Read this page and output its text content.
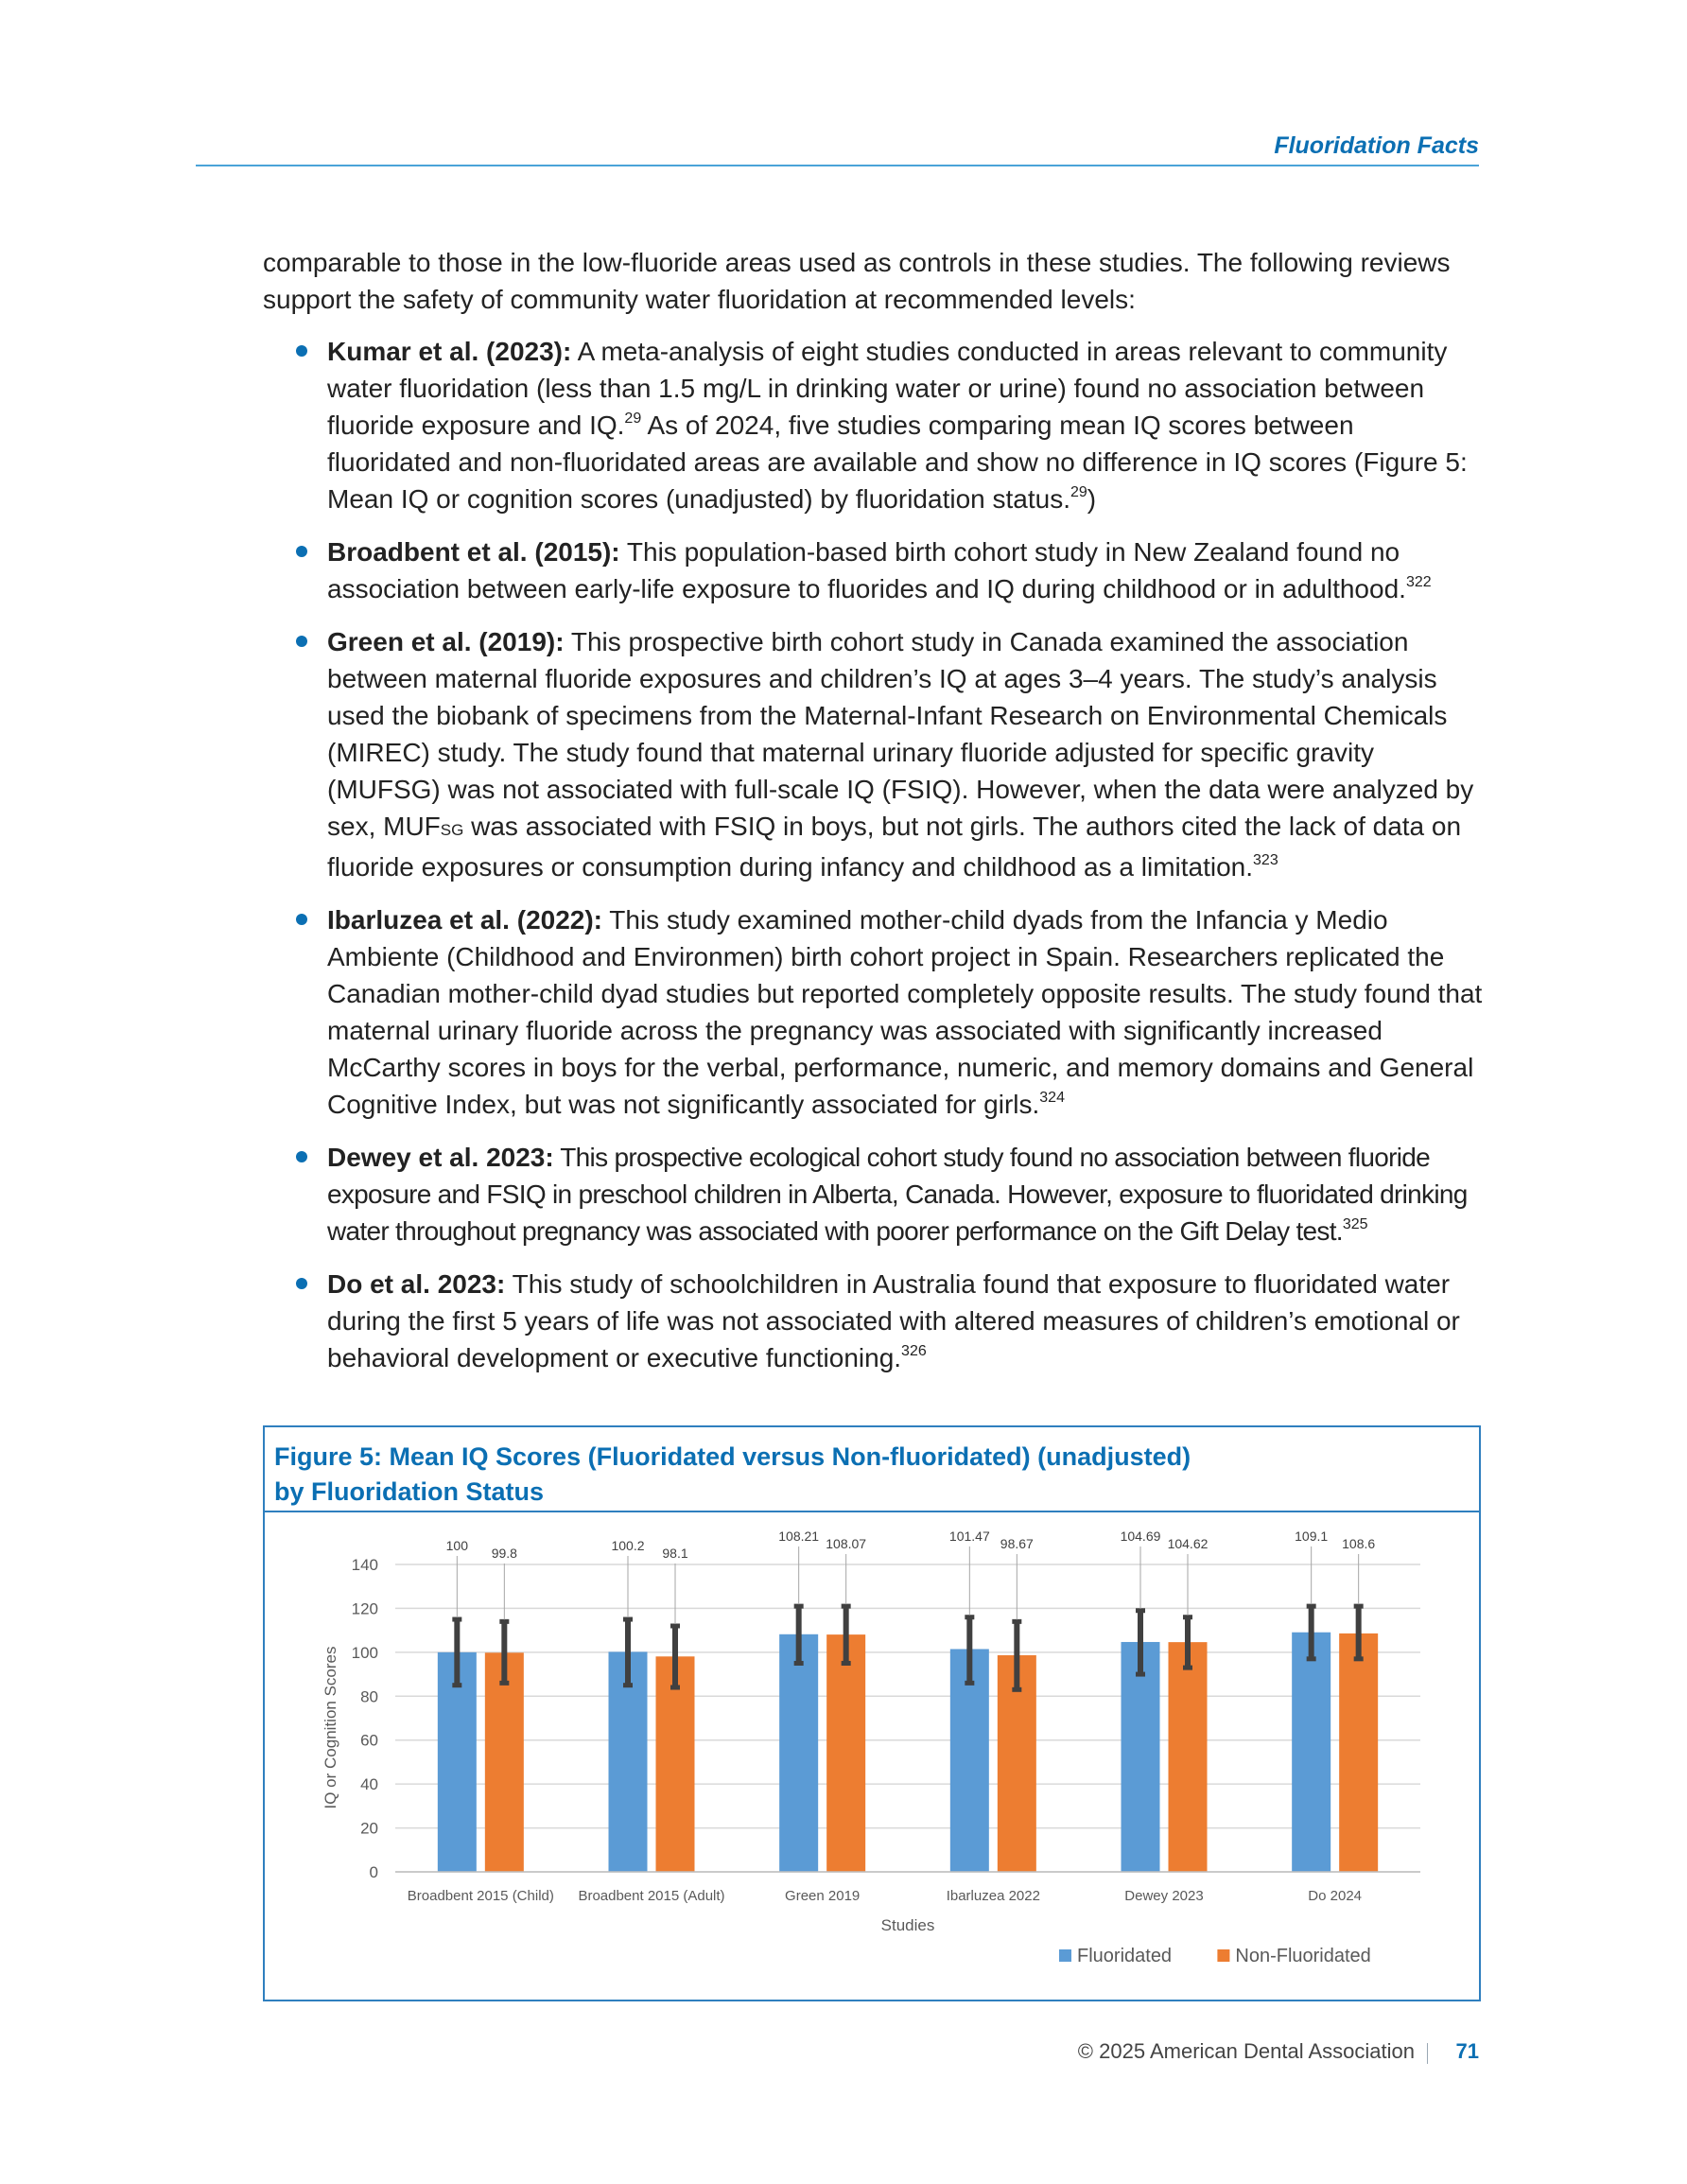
Fluoridation Facts

comparable to those in the low-fluoride areas used as controls in these studies. The following reviews support the safety of community water fluoridation at recommended levels:

Kumar et al. (2023): A meta-analysis of eight studies conducted in areas relevant to community water fluoridation (less than 1.5 mg/L in drinking water or urine) found no association between fluoride exposure and IQ.$^{29}$ As of 2024, five studies comparing mean IQ scores between fluoridated and non-fluoridated areas are available and show no difference in IQ scores (Figure 5: Mean IQ or cognition scores (unadjusted) by fluoridation status.$^{29}$)
Broadbent et al. (2015): This population-based birth cohort study in New Zealand found no association between early-life exposure to fluorides and IQ during childhood or in adulthood.$^{322}$
Green et al. (2019): This prospective birth cohort study in Canada examined the association between maternal fluoride exposures and children’s IQ at ages 3–4 years. The study’s analysis used the biobank of specimens from the Maternal-Infant Research on Environmental Chemicals (MIREC) study. The study found that maternal urinary fluoride adjusted for specific gravity (MUFSG) was not associated with full-scale IQ (FSIQ). However, when the data were analyzed by sex, MUFSG was associated with FSIQ in boys, but not girls. The authors cited the lack of data on fluoride exposures or consumption during infancy and childhood as a limitation.$^{323}$
Ibarluzea et al. (2022): This study examined mother-child dyads from the Infancia y Medio Ambiente (Childhood and Environmen) birth cohort project in Spain. Researchers replicated the Canadian mother-child dyad studies but reported completely opposite results. The study found that maternal urinary fluoride across the pregnancy was associated with significantly increased McCarthy scores in boys for the verbal, performance, numeric, and memory domains and General Cognitive Index, but was not significantly associated for girls.$^{324}$
Dewey et al. 2023: This prospective ecological cohort study found no association between fluoride exposure and FSIQ in preschool children in Alberta, Canada. However, exposure to fluoridated drinking water throughout pregnancy was associated with poorer performance on the Gift Delay test.$^{325}$
Do et al. 2023: This study of schoolchildren in Australia found that exposure to fluoridated water during the first 5 years of life was not associated with altered measures of children’s emotional or behavioral development or executive functioning.$^{326}$
Figure 5: Mean IQ Scores (Fluoridated versus Non-fluoridated) (unadjusted)
by Fluoridation Status
0
20
40
60
80
100
120
140
IQ or Cognition Scores
Broadbent 2015 (Child)
100 99.8
Broadbent 2015 (Adult)
100.2 98.1
Green 2019
108.21 108.07
Ibarluzea 2022
101.47 98.67
Dewey 2023
104.69 104.62
Do 2024
109.1 108.6
Studies
Fluoridated	Non-Fluoridated
© 2025 American Dental Association	71
